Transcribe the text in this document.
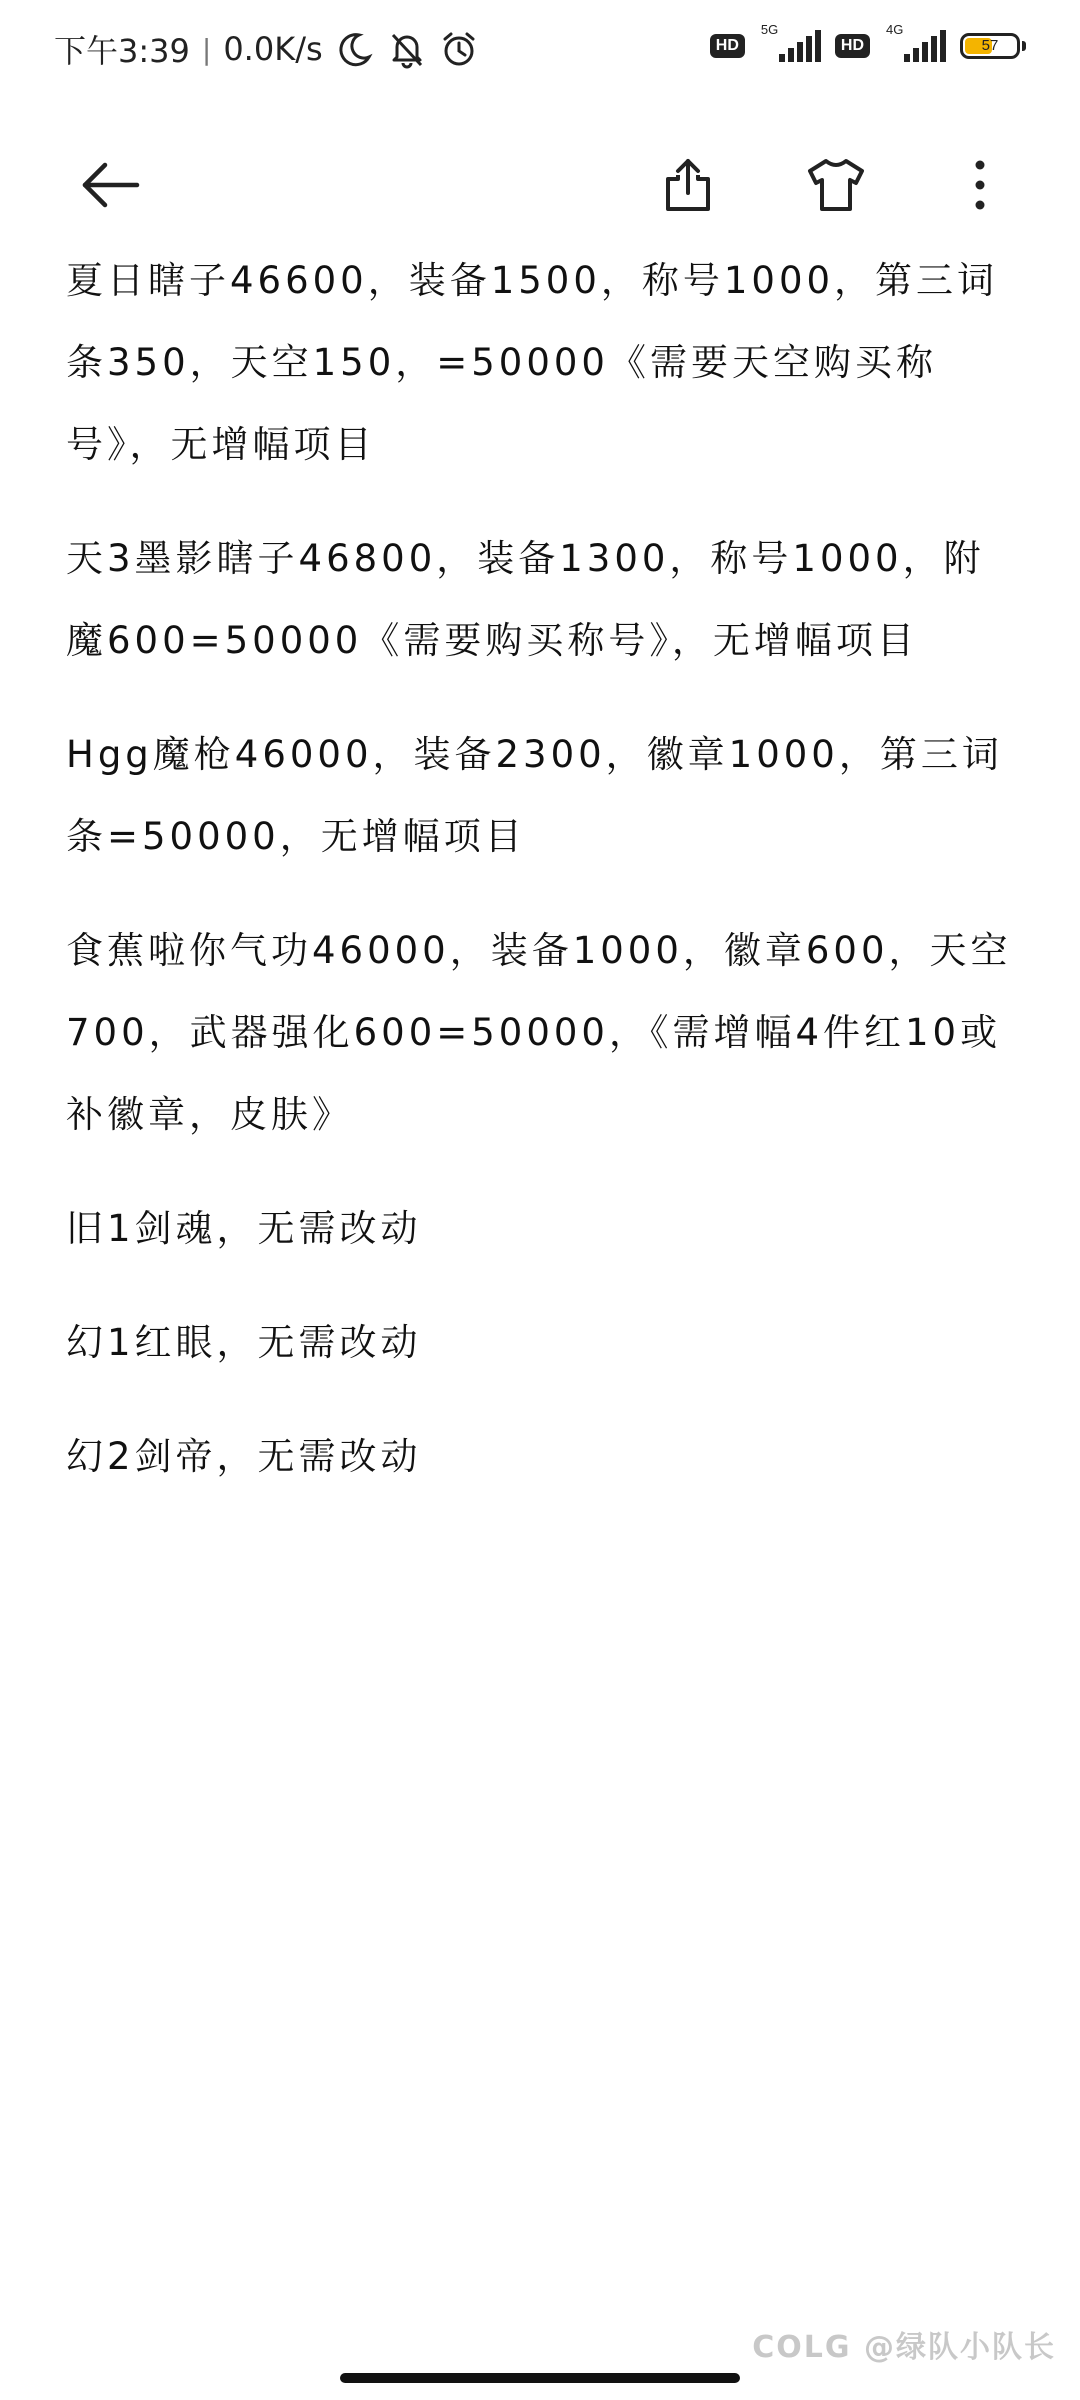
下午3:39 | 0.0K/s	HD
5G
HD
4G
57

夏日瞎子46600，装备1500，称号1000，第三词条350，天空150，=50000《需要天空购买称号》，无增幅项目

天3墨影瞎子46800，装备1300，称号1000，附魔600=50000《需要购买称号》，无增幅项目

Hgg魔枪46000，装备2300，徽章1000，第三词条=50000，无增幅项目

食蕉啦你气功46000，装备1000，徽章600，天空700，武器强化600=50000，《需增幅4件红10或补徽章，皮肤》

旧1剑魂，无需改动

幻1红眼，无需改动

幻2剑帝，无需改动

COLG @绿队小队长
